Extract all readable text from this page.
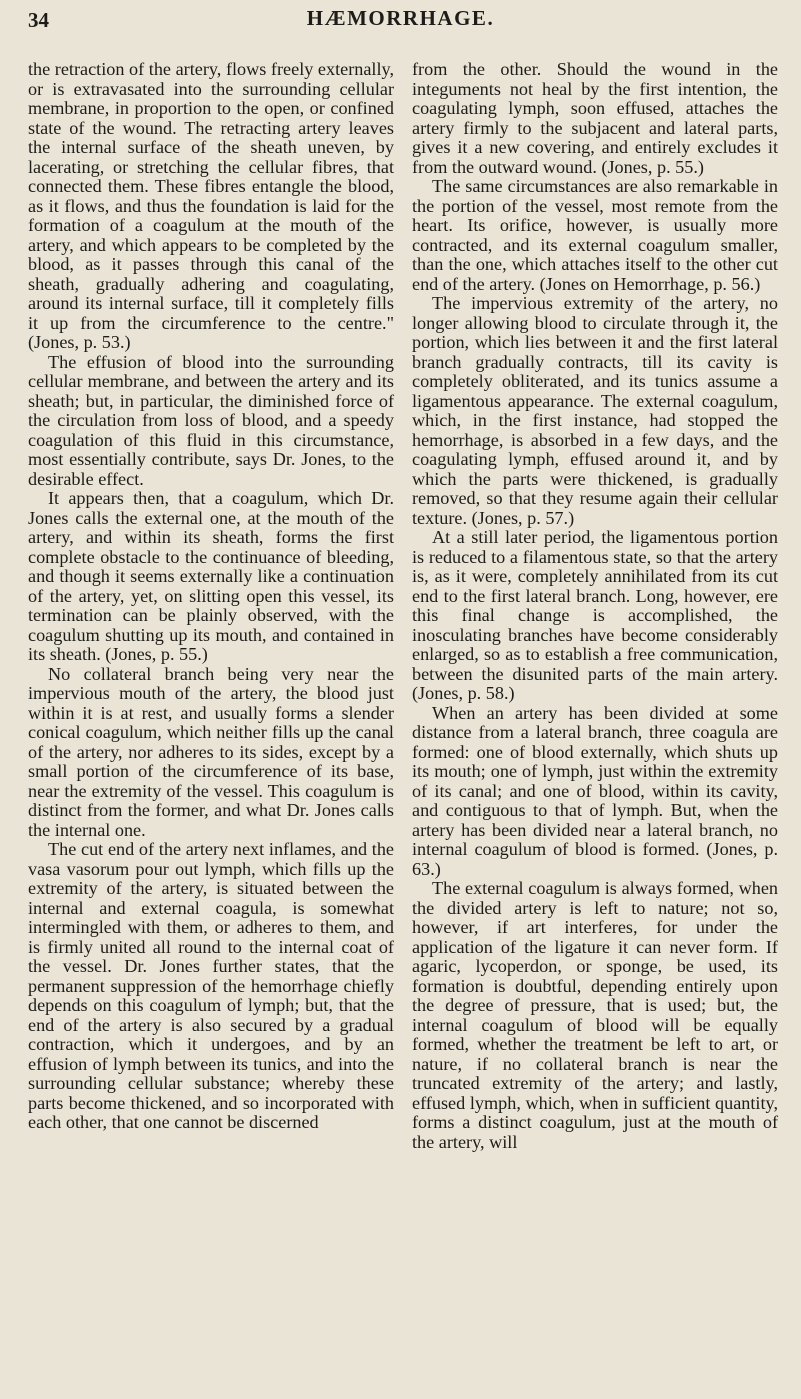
34	HÆMORRHAGE.

the retraction of the artery, flows freely externally, or is extravasated into the surrounding cellular membrane, in proportion to the open, or confined state of the wound. The retracting artery leaves the internal surface of the sheath uneven, by lacerating, or stretching the cellular fibres, that connected them. These fibres entangle the blood, as it flows, and thus the foundation is laid for the formation of a coagulum at the mouth of the artery, and which appears to be completed by the blood, as it passes through this canal of the sheath, gradually adhering and coagulating, around its internal surface, till it completely fills it up from the circumference to the centre." (Jones, p. 53.)

The effusion of blood into the surrounding cellular membrane, and between the artery and its sheath; but, in particular, the diminished force of the circulation from loss of blood, and a speedy coagulation of this fluid in this circumstance, most essentially contribute, says Dr. Jones, to the desirable effect.

It appears then, that a coagulum, which Dr. Jones calls the external one, at the mouth of the artery, and within its sheath, forms the first complete obstacle to the continuance of bleeding, and though it seems externally like a continuation of the artery, yet, on slitting open this vessel, its termination can be plainly observed, with the coagulum shutting up its mouth, and contained in its sheath. (Jones, p. 55.)

No collateral branch being very near the impervious mouth of the artery, the blood just within it is at rest, and usually forms a slender conical coagulum, which neither fills up the canal of the artery, nor adheres to its sides, except by a small portion of the circumference of its base, near the extremity of the vessel. This coagulum is distinct from the former, and what Dr. Jones calls the internal one.

The cut end of the artery next inflames, and the vasa vasorum pour out lymph, which fills up the extremity of the artery, is situated between the internal and external coagula, is somewhat intermingled with them, or adheres to them, and is firmly united all round to the internal coat of the vessel. Dr. Jones further states, that the permanent suppression of the hemorrhage chiefly depends on this coagulum of lymph; but, that the end of the artery is also secured by a gradual contraction, which it undergoes, and by an effusion of lymph between its tunics, and into the surrounding cellular substance; whereby these parts become thickened, and so incorporated with each other, that one cannot be discerned

from the other. Should the wound in the integuments not heal by the first intention, the coagulating lymph, soon effused, attaches the artery firmly to the subjacent and lateral parts, gives it a new covering, and entirely excludes it from the outward wound. (Jones, p. 55.)

The same circumstances are also remarkable in the portion of the vessel, most remote from the heart. Its orifice, however, is usually more contracted, and its external coagulum smaller, than the one, which attaches itself to the other cut end of the artery. (Jones on Hemorrhage, p. 56.)

The impervious extremity of the artery, no longer allowing blood to circulate through it, the portion, which lies between it and the first lateral branch gradually contracts, till its cavity is completely obliterated, and its tunics assume a ligamentous appearance. The external coagulum, which, in the first instance, had stopped the hemorrhage, is absorbed in a few days, and the coagulating lymph, effused around it, and by which the parts were thickened, is gradually removed, so that they resume again their cellular texture. (Jones, p. 57.)

At a still later period, the ligamentous portion is reduced to a filamentous state, so that the artery is, as it were, completely annihilated from its cut end to the first lateral branch. Long, however, ere this final change is accomplished, the inosculating branches have become considerably enlarged, so as to establish a free communication, between the disunited parts of the main artery. (Jones, p. 58.)

When an artery has been divided at some distance from a lateral branch, three coagula are formed: one of blood externally, which shuts up its mouth; one of lymph, just within the extremity of its canal; and one of blood, within its cavity, and contiguous to that of lymph. But, when the artery has been divided near a lateral branch, no internal coagulum of blood is formed. (Jones, p. 63.)

The external coagulum is always formed, when the divided artery is left to nature; not so, however, if art interferes, for under the application of the ligature it can never form. If agaric, lycoperdon, or sponge, be used, its formation is doubtful, depending entirely upon the degree of pressure, that is used; but, the internal coagulum of blood will be equally formed, whether the treatment be left to art, or nature, if no collateral branch is near the truncated extremity of the artery; and lastly, effused lymph, which, when in sufficient quantity, forms a distinct coagulum, just at the mouth of the artery, will
